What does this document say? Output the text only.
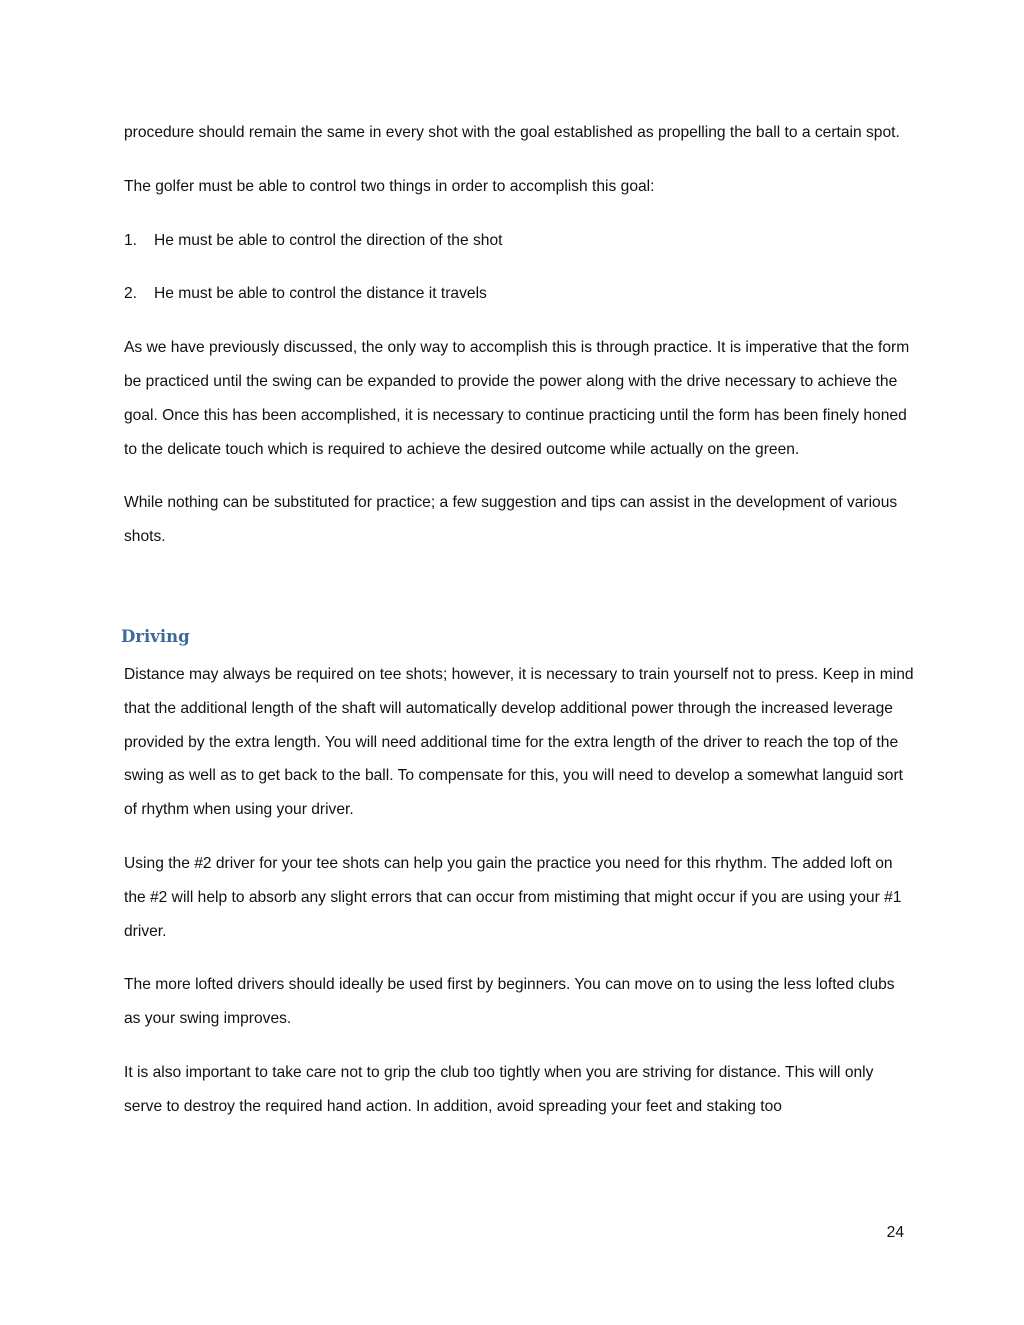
procedure should remain the same in every shot with the goal established as propelling the ball to a certain spot.

The golfer must be able to control two things in order to accomplish this goal:

1.	He must be able to control the direction of the shot
2.	He must be able to control the distance it travels

As we have previously discussed, the only way to accomplish this is through practice. It is imperative that the form be practiced until the swing can be expanded to provide the power along with the drive necessary to achieve the goal. Once this has been accomplished, it is necessary to continue practicing until the form has been finely honed to the delicate touch which is required to achieve the desired outcome while actually on the green.

While nothing can be substituted for practice; a few suggestion and tips can assist in the development of various shots.

Driving

Distance may always be required on tee shots; however, it is necessary to train yourself not to press. Keep in mind that the additional length of the shaft will automatically develop additional power through the increased leverage provided by the extra length. You will need additional time for the extra length of the driver to reach the top of the swing as well as to get back to the ball. To compensate for this, you will need to develop a somewhat languid sort of rhythm when using your driver.

Using the #2 driver for your tee shots can help you gain the practice you need for this rhythm. The added loft on the #2 will help to absorb any slight errors that can occur from mistiming that might occur if you are using your #1 driver.

The more lofted drivers should ideally be used first by beginners. You can move on to using the less lofted clubs as your swing improves.

It is also important to take care not to grip the club too tightly when you are striving for distance. This will only serve to destroy the required hand action. In addition, avoid spreading your feet and staking too

24
